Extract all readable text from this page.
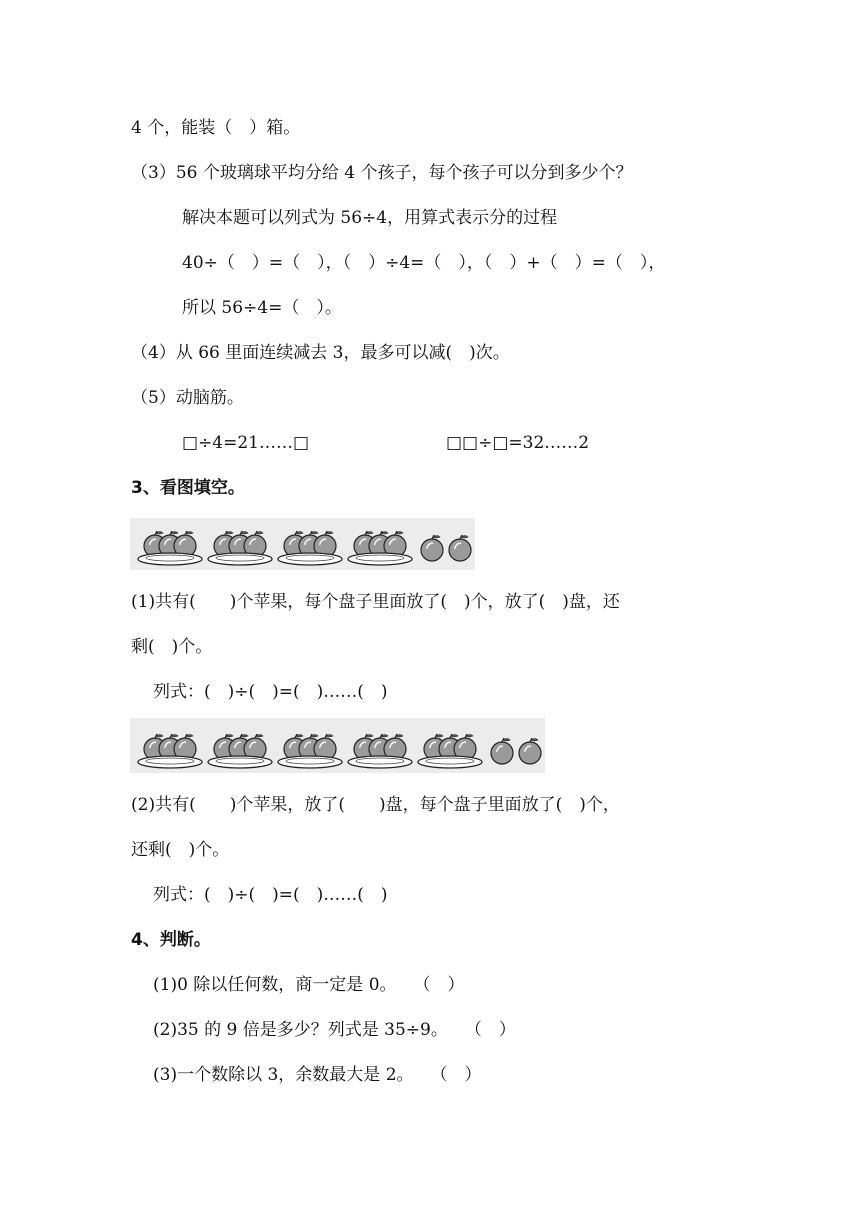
4 个，能装（　）箱。
（3）56 个玻璃球平均分给 4 个孩子，每个孩子可以分到多少个？
解决本题可以列式为 56÷4，用算式表示分的过程
40÷（　）=（　），（　）÷4=（　），（　）+（　）=（　），
所以 56÷4=（　）。
（4）从 66 里面连续减去 3，最多可以减(　)次。
（5）动脑筋。
□÷4=21……□	□□÷□=32……2
3、看图填空。
(1)共有(　　)个苹果，每个盘子里面放了(　)个，放了(　)盘，还
剩(　)个。
列式：(　)÷(　)=(　)……(　)
(2)共有(　　)个苹果，放了(　　)盘，每个盘子里面放了(　)个，
还剩(　)个。
列式：(　)÷(　)=(　)……(　)
4、判断。
(1)0 除以任何数，商一定是 0。　　（　）
(2)35 的 9 倍是多少？列式是 35÷9。　　（　）
(3)一个数除以 3，余数最大是 2。　　（　）
